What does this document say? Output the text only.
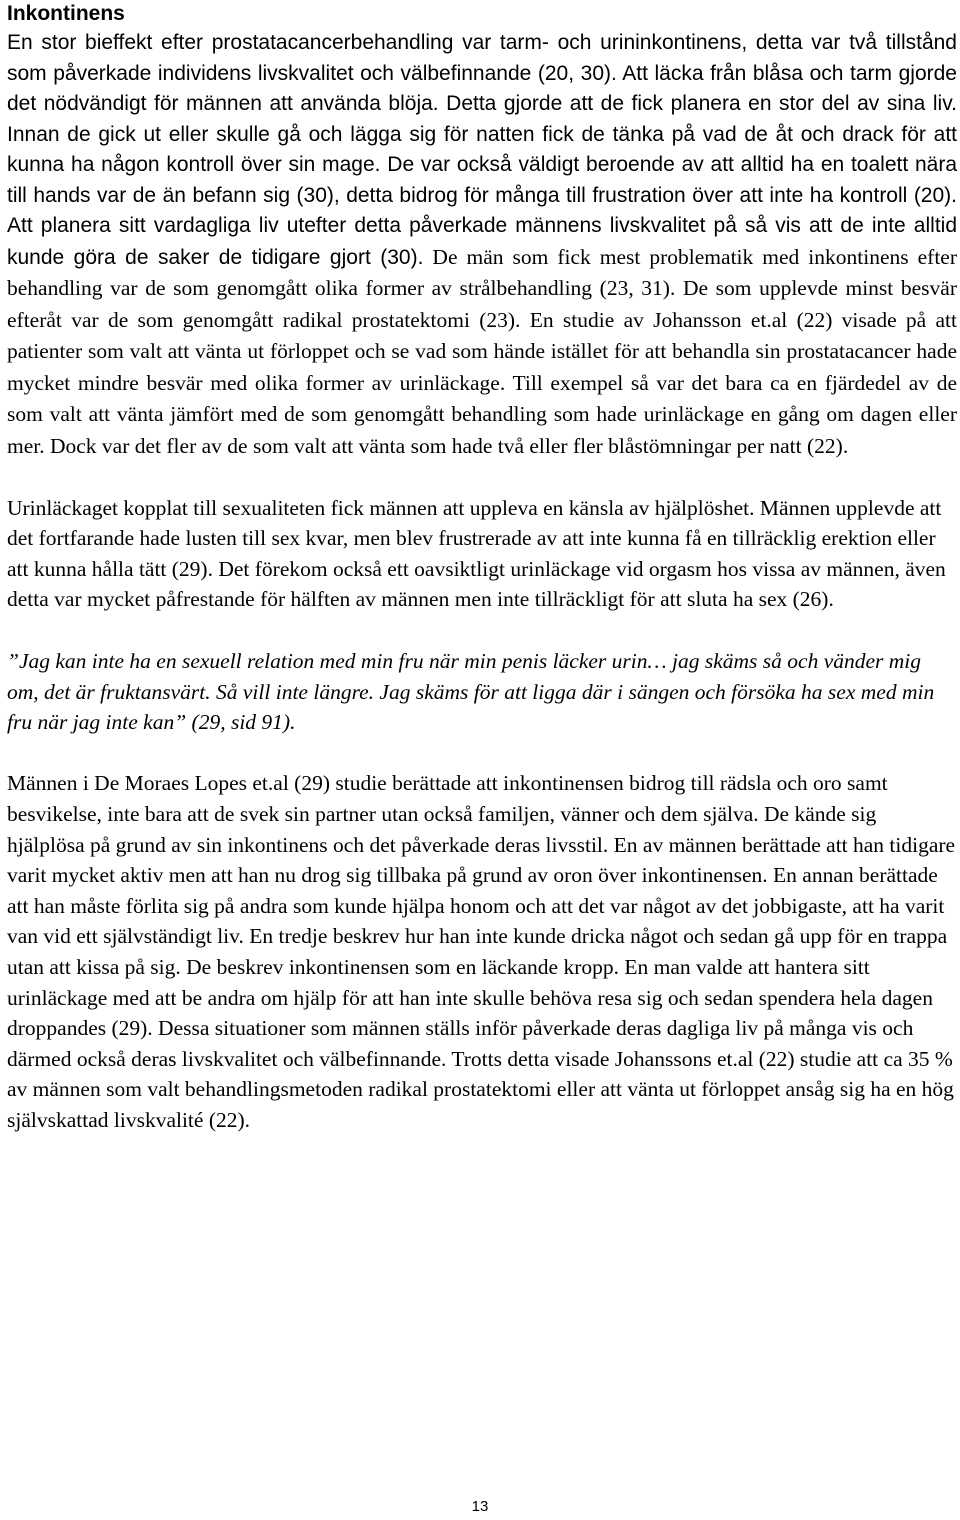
Inkontinens

En stor bieffekt efter prostatacancerbehandling var tarm- och urininkontinens, detta var två tillstånd som påverkade individens livskvalitet och välbefinnande (20, 30). Att läcka från blåsa och tarm gjorde det nödvändigt för männen att använda blöja. Detta gjorde att de fick planera en stor del av sina liv. Innan de gick ut eller skulle gå och lägga sig för natten fick de tänka på vad de åt och drack för att kunna ha någon kontroll över sin mage. De var också väldigt beroende av att alltid ha en toalett nära till hands var de än befann sig (30), detta bidrog för många till frustration över att inte ha kontroll (20). Att planera sitt vardagliga liv utefter detta påverkade männens livskvalitet på så vis att de inte alltid kunde göra de saker de tidigare gjort (30). De män som fick mest problematik med inkontinens efter behandling var de som genomgått olika former av strålbehandling (23, 31). De som upplevde minst besvär efteråt var de som genomgått radikal prostatektomi (23). En studie av Johansson et.al (22) visade på att patienter som valt att vänta ut förloppet och se vad som hände istället för att behandla sin prostatacancer hade mycket mindre besvär med olika former av urinläckage. Till exempel så var det bara ca en fjärdedel av de som valt att vänta jämfört med de som genomgått behandling som hade urinläckage en gång om dagen eller mer. Dock var det fler av de som valt att vänta som hade två eller fler blåstömningar per natt (22).

Urinläckaget kopplat till sexualiteten fick männen att uppleva en känsla av hjälplöshet. Männen upplevde att det fortfarande hade lusten till sex kvar, men blev frustrerade av att inte kunna få en tillräcklig erektion eller att kunna hålla tätt (29). Det förekom också ett oavsiktligt urinläckage vid orgasm hos vissa av männen, även detta var mycket påfrestande för hälften av männen men inte tillräckligt för att sluta ha sex (26).

”Jag kan inte ha en sexuell relation med min fru när min penis läcker urin… jag skäms så och vänder mig om, det är fruktansvärt. Så vill inte längre. Jag skäms för att ligga där i sängen och försöka ha sex med min fru när jag inte kan” (29, sid 91).

Männen i De Moraes Lopes et.al (29) studie berättade att inkontinensen bidrog till rädsla och oro samt besvikelse, inte bara att de svek sin partner utan också familjen, vänner och dem själva. De kände sig hjälplösa på grund av sin inkontinens och det påverkade deras livsstil. En av männen berättade att han tidigare varit mycket aktiv men att han nu drog sig tillbaka på grund av oron över inkontinensen. En annan berättade att han måste förlita sig på andra som kunde hjälpa honom och att det var något av det jobbigaste, att ha varit van vid ett självständigt liv. En tredje beskrev hur han inte kunde dricka något och sedan gå upp för en trappa utan att kissa på sig. De beskrev inkontinensen som en läckande kropp. En man valde att hantera sitt urinläckage med att be andra om hjälp för att han inte skulle behöva resa sig och sedan spendera hela dagen droppandes (29). Dessa situationer som männen ställs inför påverkade deras dagliga liv på många vis och därmed också deras livskvalitet och välbefinnande. Trotts detta visade Johanssons et.al (22) studie att ca 35 % av männen som valt behandlingsmetoden radikal prostatektomi eller att vänta ut förloppet ansåg sig ha en hög självskattad livskvalité (22).

13
